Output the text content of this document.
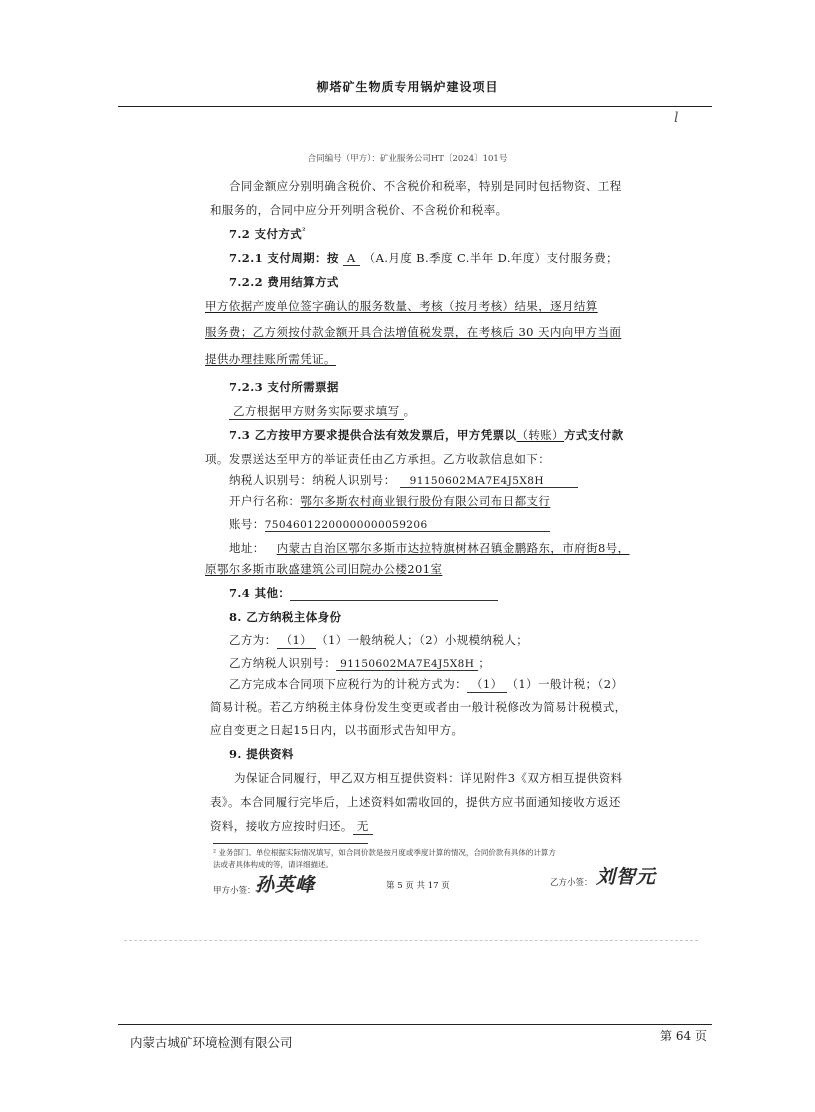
柳塔矿生物质专用锅炉建设项目
l
合同编号（甲方）：矿业服务公司HT〔2024〕101号
合同金额应分别明确含税价、不含税价和税率，特别是同时包括物资、工程
和服务的，合同中应分开列明含税价、不含税价和税率。
7.2 支付方式$^{^2}$
7.2.1 支付周期：按 A （A.月度 B.季度 C.半年 D.年度）支付服务费；
7.2.2 费用结算方式
甲方依据产废单位签字确认的服务数量、考核（按月考核）结果，逐月结算
服务费；乙方须按付款金额开具合法增值税发票，在考核后 30 天内向甲方当面
提供办理挂账所需凭证。
7.2.3 支付所需票据
乙方根据甲方财务实际要求填写 。
7.3 乙方按甲方要求提供合法有效发票后，甲方凭票以（转账）方式支付款
项。发票送达至甲方的举证责任由乙方承担。乙方收款信息如下：
纳税人识别号：纳税人识别号： 91150602MA7E4J5X8H
开户行名称：鄂尔多斯农村商业银行股份有限公司布日都支行
账号：75046012200000000059206
地址： 内蒙古自治区鄂尔多斯市达拉特旗树林召镇金鹏路东，市府街8号，
原鄂尔多斯市耿盛建筑公司旧院办公楼201室
7.4 其他：
8. 乙方纳税主体身份
乙方为： （1） （1）一般纳税人；（2）小规模纳税人；
乙方纳税人识别号： 91150602MA7E4J5X8H ；
乙方完成本合同项下应税行为的计税方式为： （1） （1）一般计税；（2）
简易计税。若乙方纳税主体身份发生变更或者由一般计税修改为简易计税模式，
应自变更之日起15日内，以书面形式告知甲方。
9. 提供资料
为保证合同履行，甲乙双方相互提供资料：详见附件3《双方相互提供资料
表》。本合同履行完毕后，上述资料如需收回的，提供方应书面通知接收方返还
资料，接收方应按时归还。 无
² 业务部门、单位根据实际情况填写，如合同价款是按月度或季度计算的情况，合同价款有具体的计算方
法或者具体构成的等，请详细描述。
甲方小签： 孙英峰	第 5 页 共 17 页	乙方小签： 刘智元
内蒙古城矿环境检测有限公司	第 64 页
